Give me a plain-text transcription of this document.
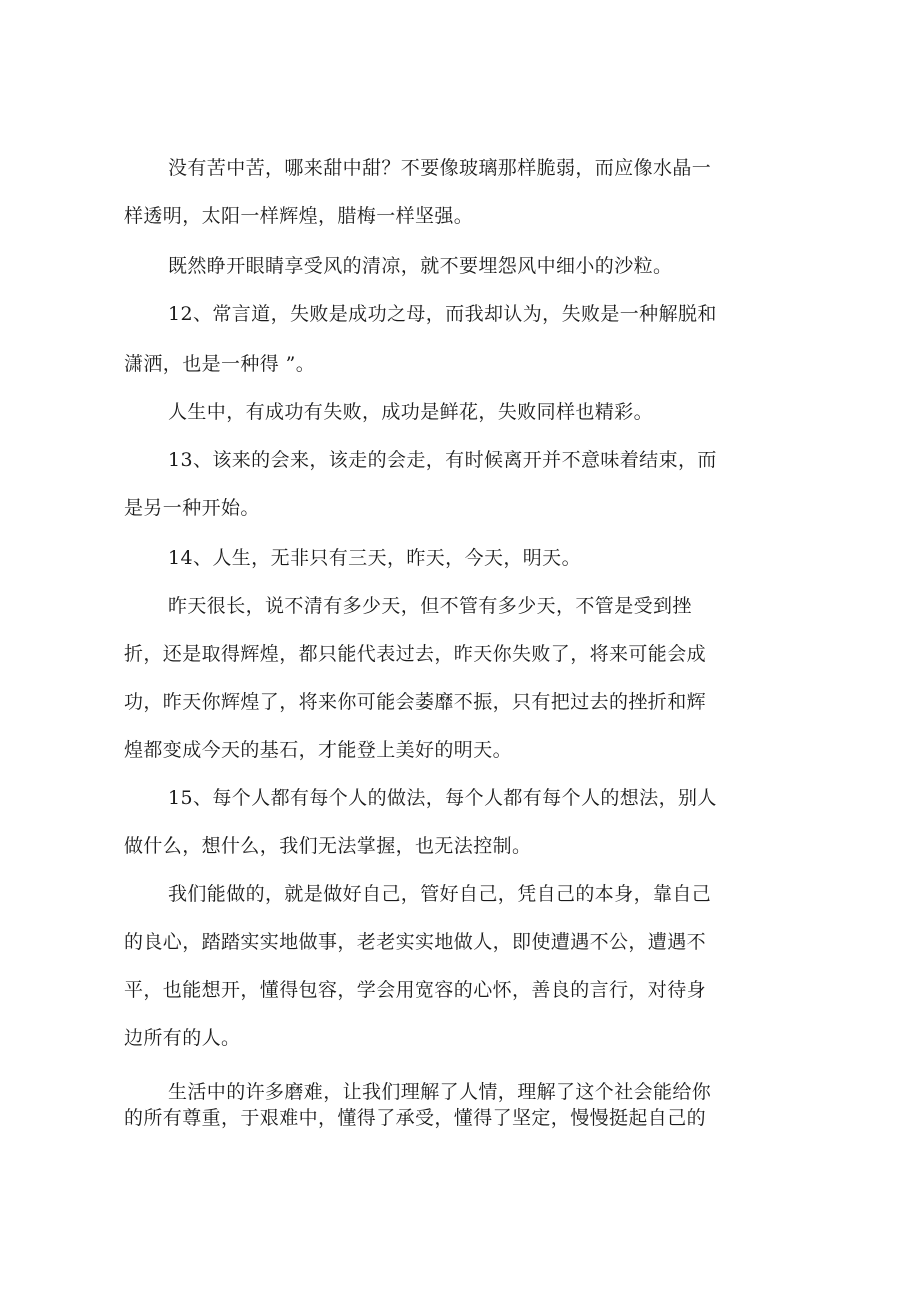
没有苦中苦，哪来甜中甜？不要像玻璃那样脆弱，而应像水晶一
样透明，太阳一样辉煌，腊梅一样坚强。
既然睁开眼睛享受风的清凉，就不要埋怨风中细小的沙粒。
12、常言道，失败是成功之母，而我却认为，失败是一种解脱和
潇洒，也是一种得 ”。
人生中，有成功有失败，成功是鲜花，失败同样也精彩。
13、该来的会来，该走的会走，有时候离开并不意味着结束，而
是另一种开始。
14、人生，无非只有三天，昨天，今天，明天。
昨天很长，说不清有多少天，但不管有多少天，不管是受到挫
折，还是取得辉煌，都只能代表过去，昨天你失败了，将来可能会成
功，昨天你辉煌了，将来你可能会萎靡不振，只有把过去的挫折和辉
煌都变成今天的基石，才能登上美好的明天。
15、每个人都有每个人的做法，每个人都有每个人的想法，别人
做什么，想什么，我们无法掌握，也无法控制。
我们能做的，就是做好自己，管好自己，凭自己的本身，靠自己
的良心，踏踏实实地做事，老老实实地做人，即使遭遇不公，遭遇不
平，也能想开，懂得包容，学会用宽容的心怀，善良的言行，对待身
边所有的人。
生活中的许多磨难，让我们理解了人情，理解了这个社会能给你
的所有尊重，于艰难中，懂得了承受，懂得了坚定，慢慢挺起自己的
